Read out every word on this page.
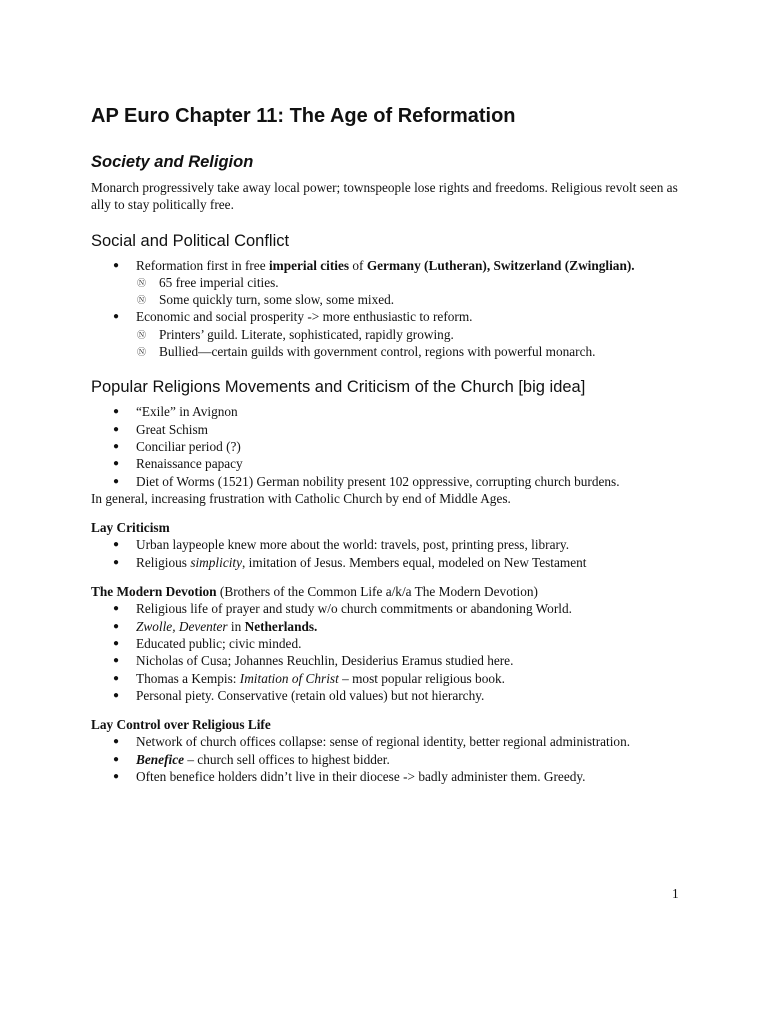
AP Euro Chapter 11: The Age of Reformation
Society and Religion

Monarch progressively take away local power; townspeople lose rights and freedoms. Religious revolt seen as ally to stay politically free.

Social and Political Conflict
● Reformation first in free imperial cities of Germany (Lutheran), Switzerland (Zwinglian).
Ⓝ 65 free imperial cities.
Ⓝ Some quickly turn, some slow, some mixed.
● Economic and social prosperity -> more enthusiastic to reform.
Ⓝ Printers’ guild. Literate, sophisticated, rapidly growing.
Ⓝ Bullied—certain guilds with government control, regions with powerful monarch.
Popular Religions Movements and Criticism of the Church [big idea]
● “Exile” in Avignon
● Great Schism
● Conciliar period (?)
● Renaissance papacy
● Diet of Worms (1521) German nobility present 102 oppressive, corrupting church burdens.

In general, increasing frustration with Catholic Church by end of Middle Ages.

Lay Criticism
● Urban laypeople knew more about the world: travels, post, printing press, library.
● Religious simplicity, imitation of Jesus. Members equal, modeled on New Testament

The Modern Devotion (Brothers of the Common Life a/k/a The Modern Devotion)

● Religious life of prayer and study w/o church commitments or abandoning World.
● Zwolle, Deventer in Netherlands.
● Educated public; civic minded.
● Nicholas of Cusa; Johannes Reuchlin, Desiderius Eramus studied here.
● Thomas a Kempis: Imitation of Christ – most popular religious book.
● Personal piety. Conservative (retain old values) but not hierarchy.
Lay Control over Religious Life
● Network of church offices collapse: sense of regional identity, better regional administration.
● Benefice – church sell offices to highest bidder.
● Often benefice holders didn’t live in their diocese -> badly administer them. Greedy.
1
